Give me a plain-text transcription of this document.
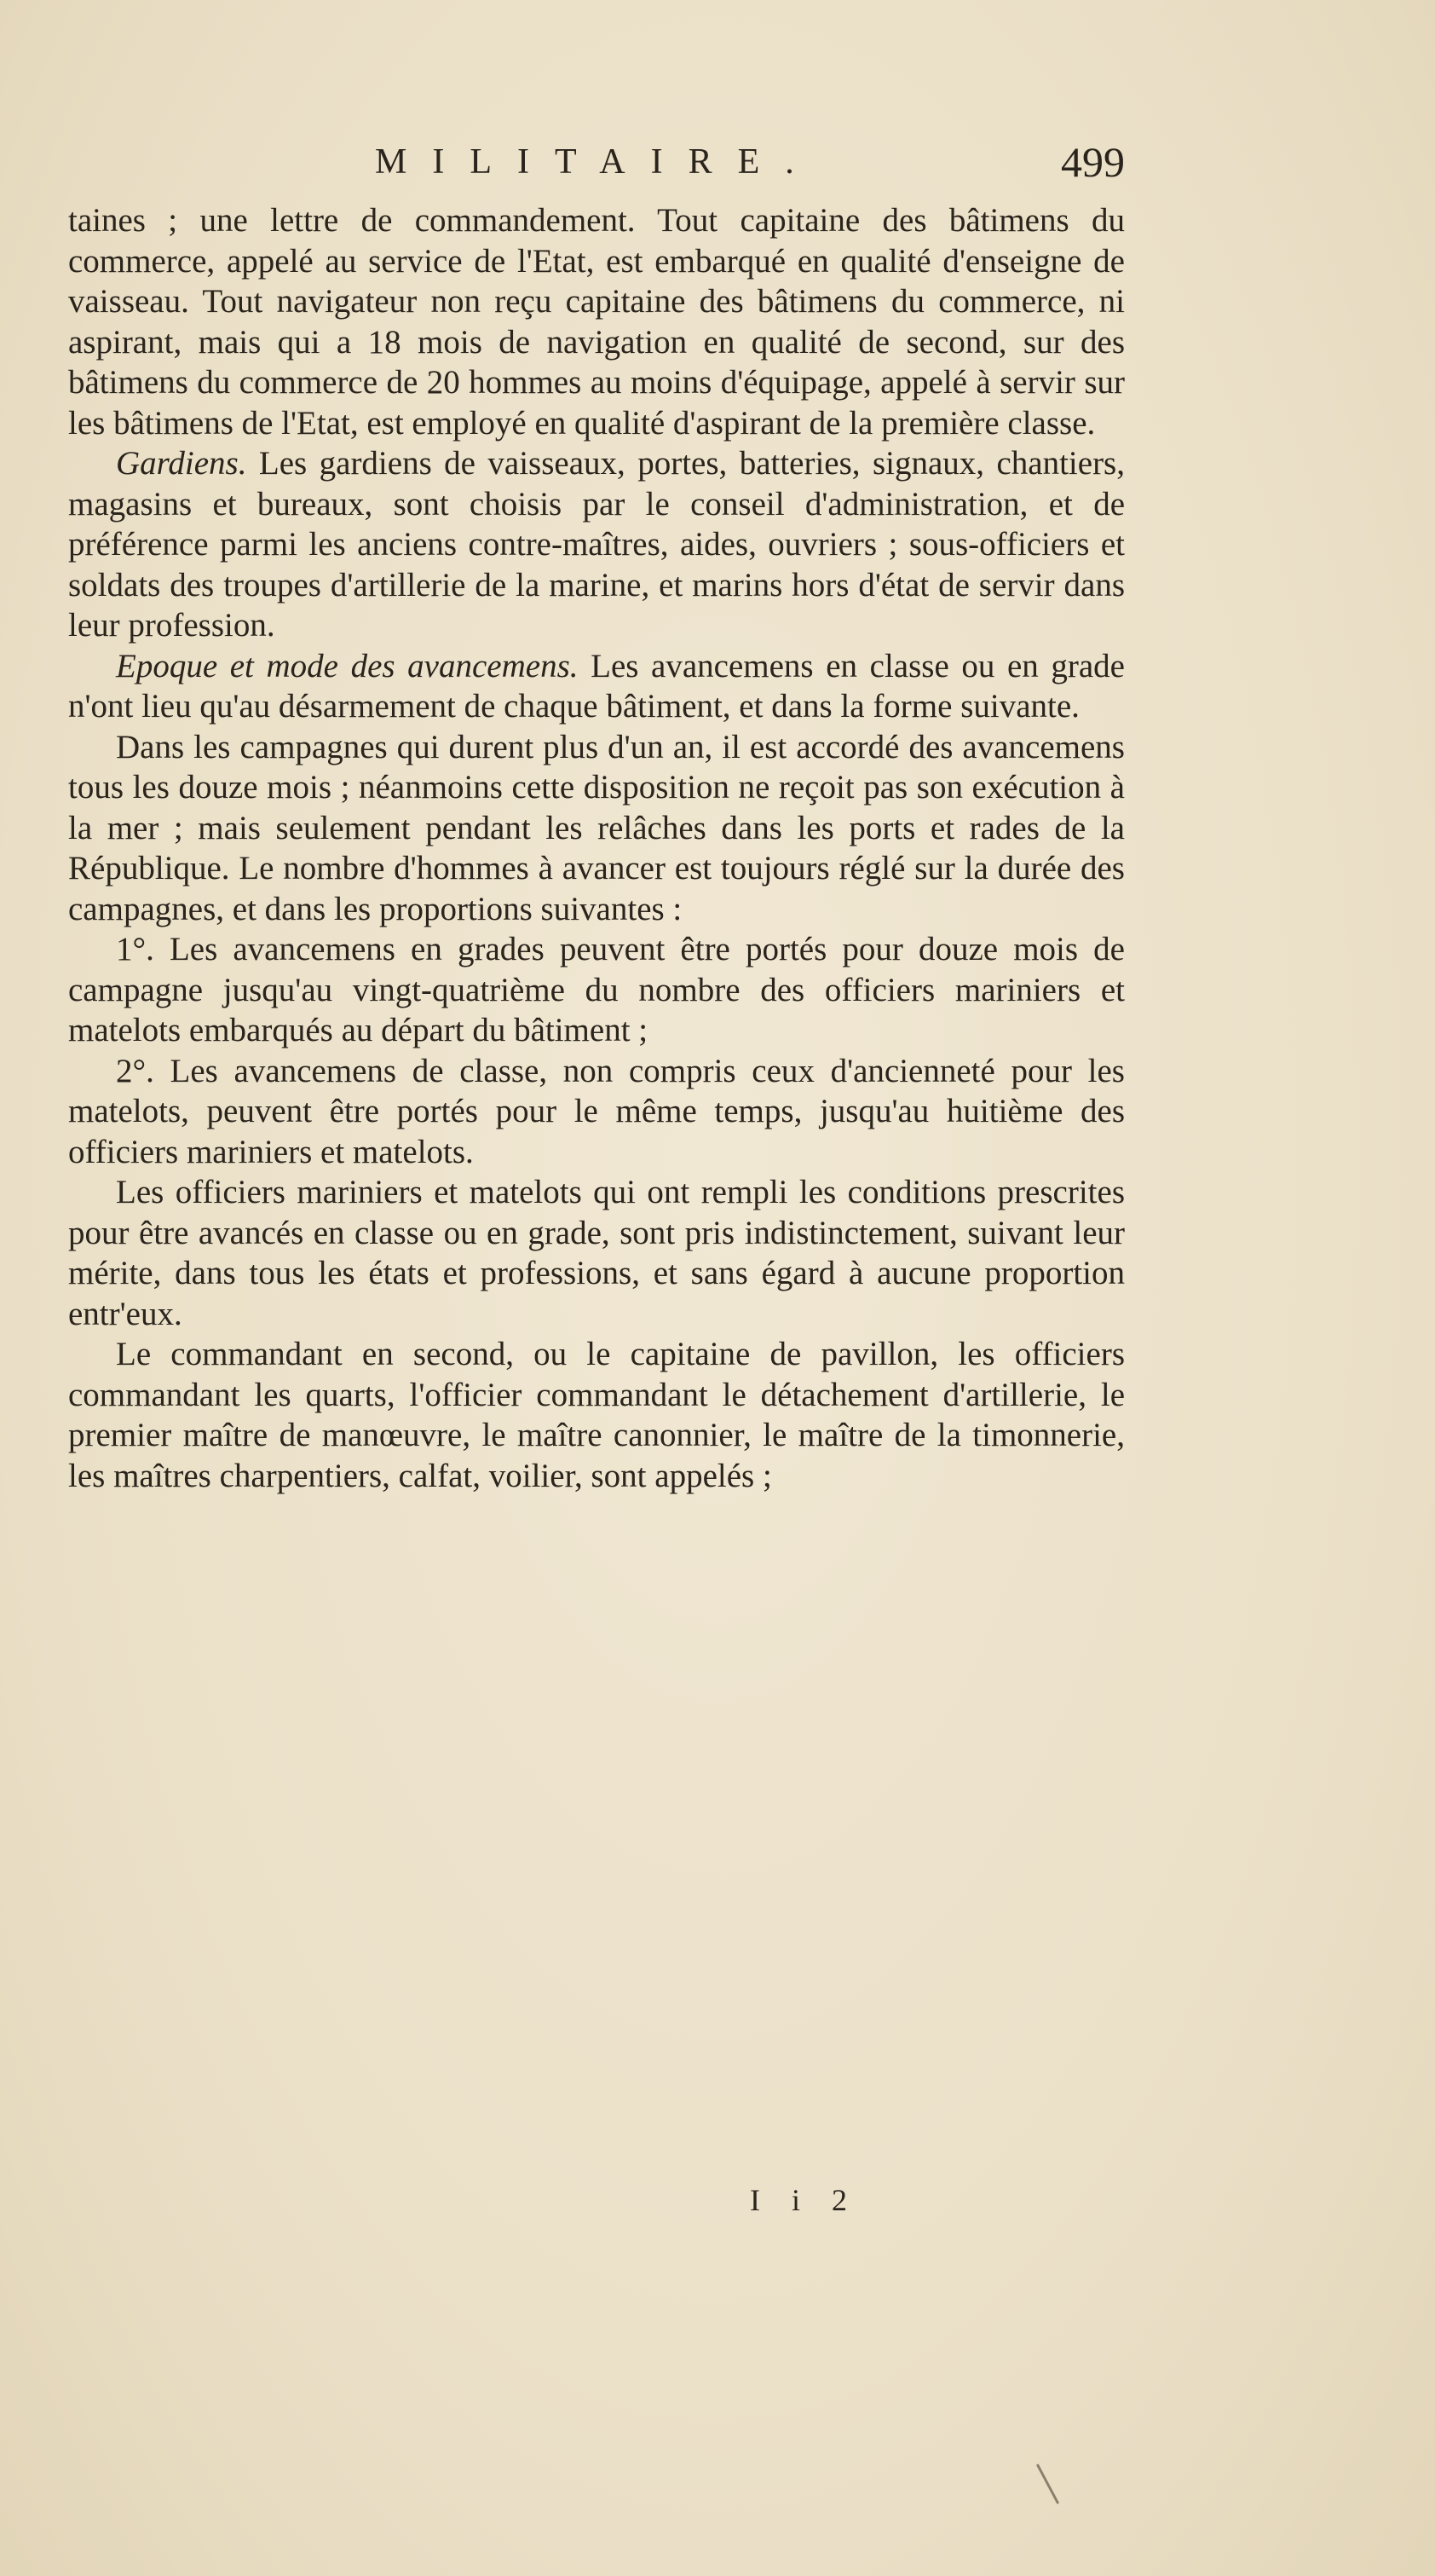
MILITAIRE.	499

taines ; une lettre de commandement. Tout capitaine des bâtimens du commerce, appelé au service de l'Etat, est embarqué en qualité d'enseigne de vaisseau. Tout navigateur non reçu capitaine des bâtimens du commerce, ni aspirant, mais qui a 18 mois de navigation en qualité de second, sur des bâtimens du commerce de 20 hommes au moins d'équipage, appelé à servir sur les bâtimens de l'Etat, est employé en qualité d'aspirant de la première classe.

Gardiens. Les gardiens de vaisseaux, portes, batteries, signaux, chantiers, magasins et bureaux, sont choisis par le conseil d'administration, et de préférence parmi les anciens contre-maîtres, aides, ouvriers ; sous-officiers et soldats des troupes d'artillerie de la marine, et marins hors d'état de servir dans leur profession.

Epoque et mode des avancemens. Les avancemens en classe ou en grade n'ont lieu qu'au désarmement de chaque bâtiment, et dans la forme suivante.

Dans les campagnes qui durent plus d'un an, il est accordé des avancemens tous les douze mois ; néanmoins cette disposition ne reçoit pas son exécution à la mer ; mais seulement pendant les relâches dans les ports et rades de la République. Le nombre d'hommes à avancer est toujours réglé sur la durée des campagnes, et dans les proportions suivantes :

1°. Les avancemens en grades peuvent être portés pour douze mois de campagne jusqu'au vingt-quatrième du nombre des officiers mariniers et matelots embarqués au départ du bâtiment ;

2°. Les avancemens de classe, non compris ceux d'ancienneté pour les matelots, peuvent être portés pour le même temps, jusqu'au huitième des officiers mariniers et matelots.

Les officiers mariniers et matelots qui ont rempli les conditions prescrites pour être avancés en classe ou en grade, sont pris indistinctement, suivant leur mérite, dans tous les états et professions, et sans égard à aucune proportion entr'eux.

Le commandant en second, ou le capitaine de pavillon, les officiers commandant les quarts, l'officier commandant le détachement d'artillerie, le premier maître de manœuvre, le maître canonnier, le maître de la timonnerie, les maîtres charpentiers, calfat, voilier, sont appelés ;

I i 2
